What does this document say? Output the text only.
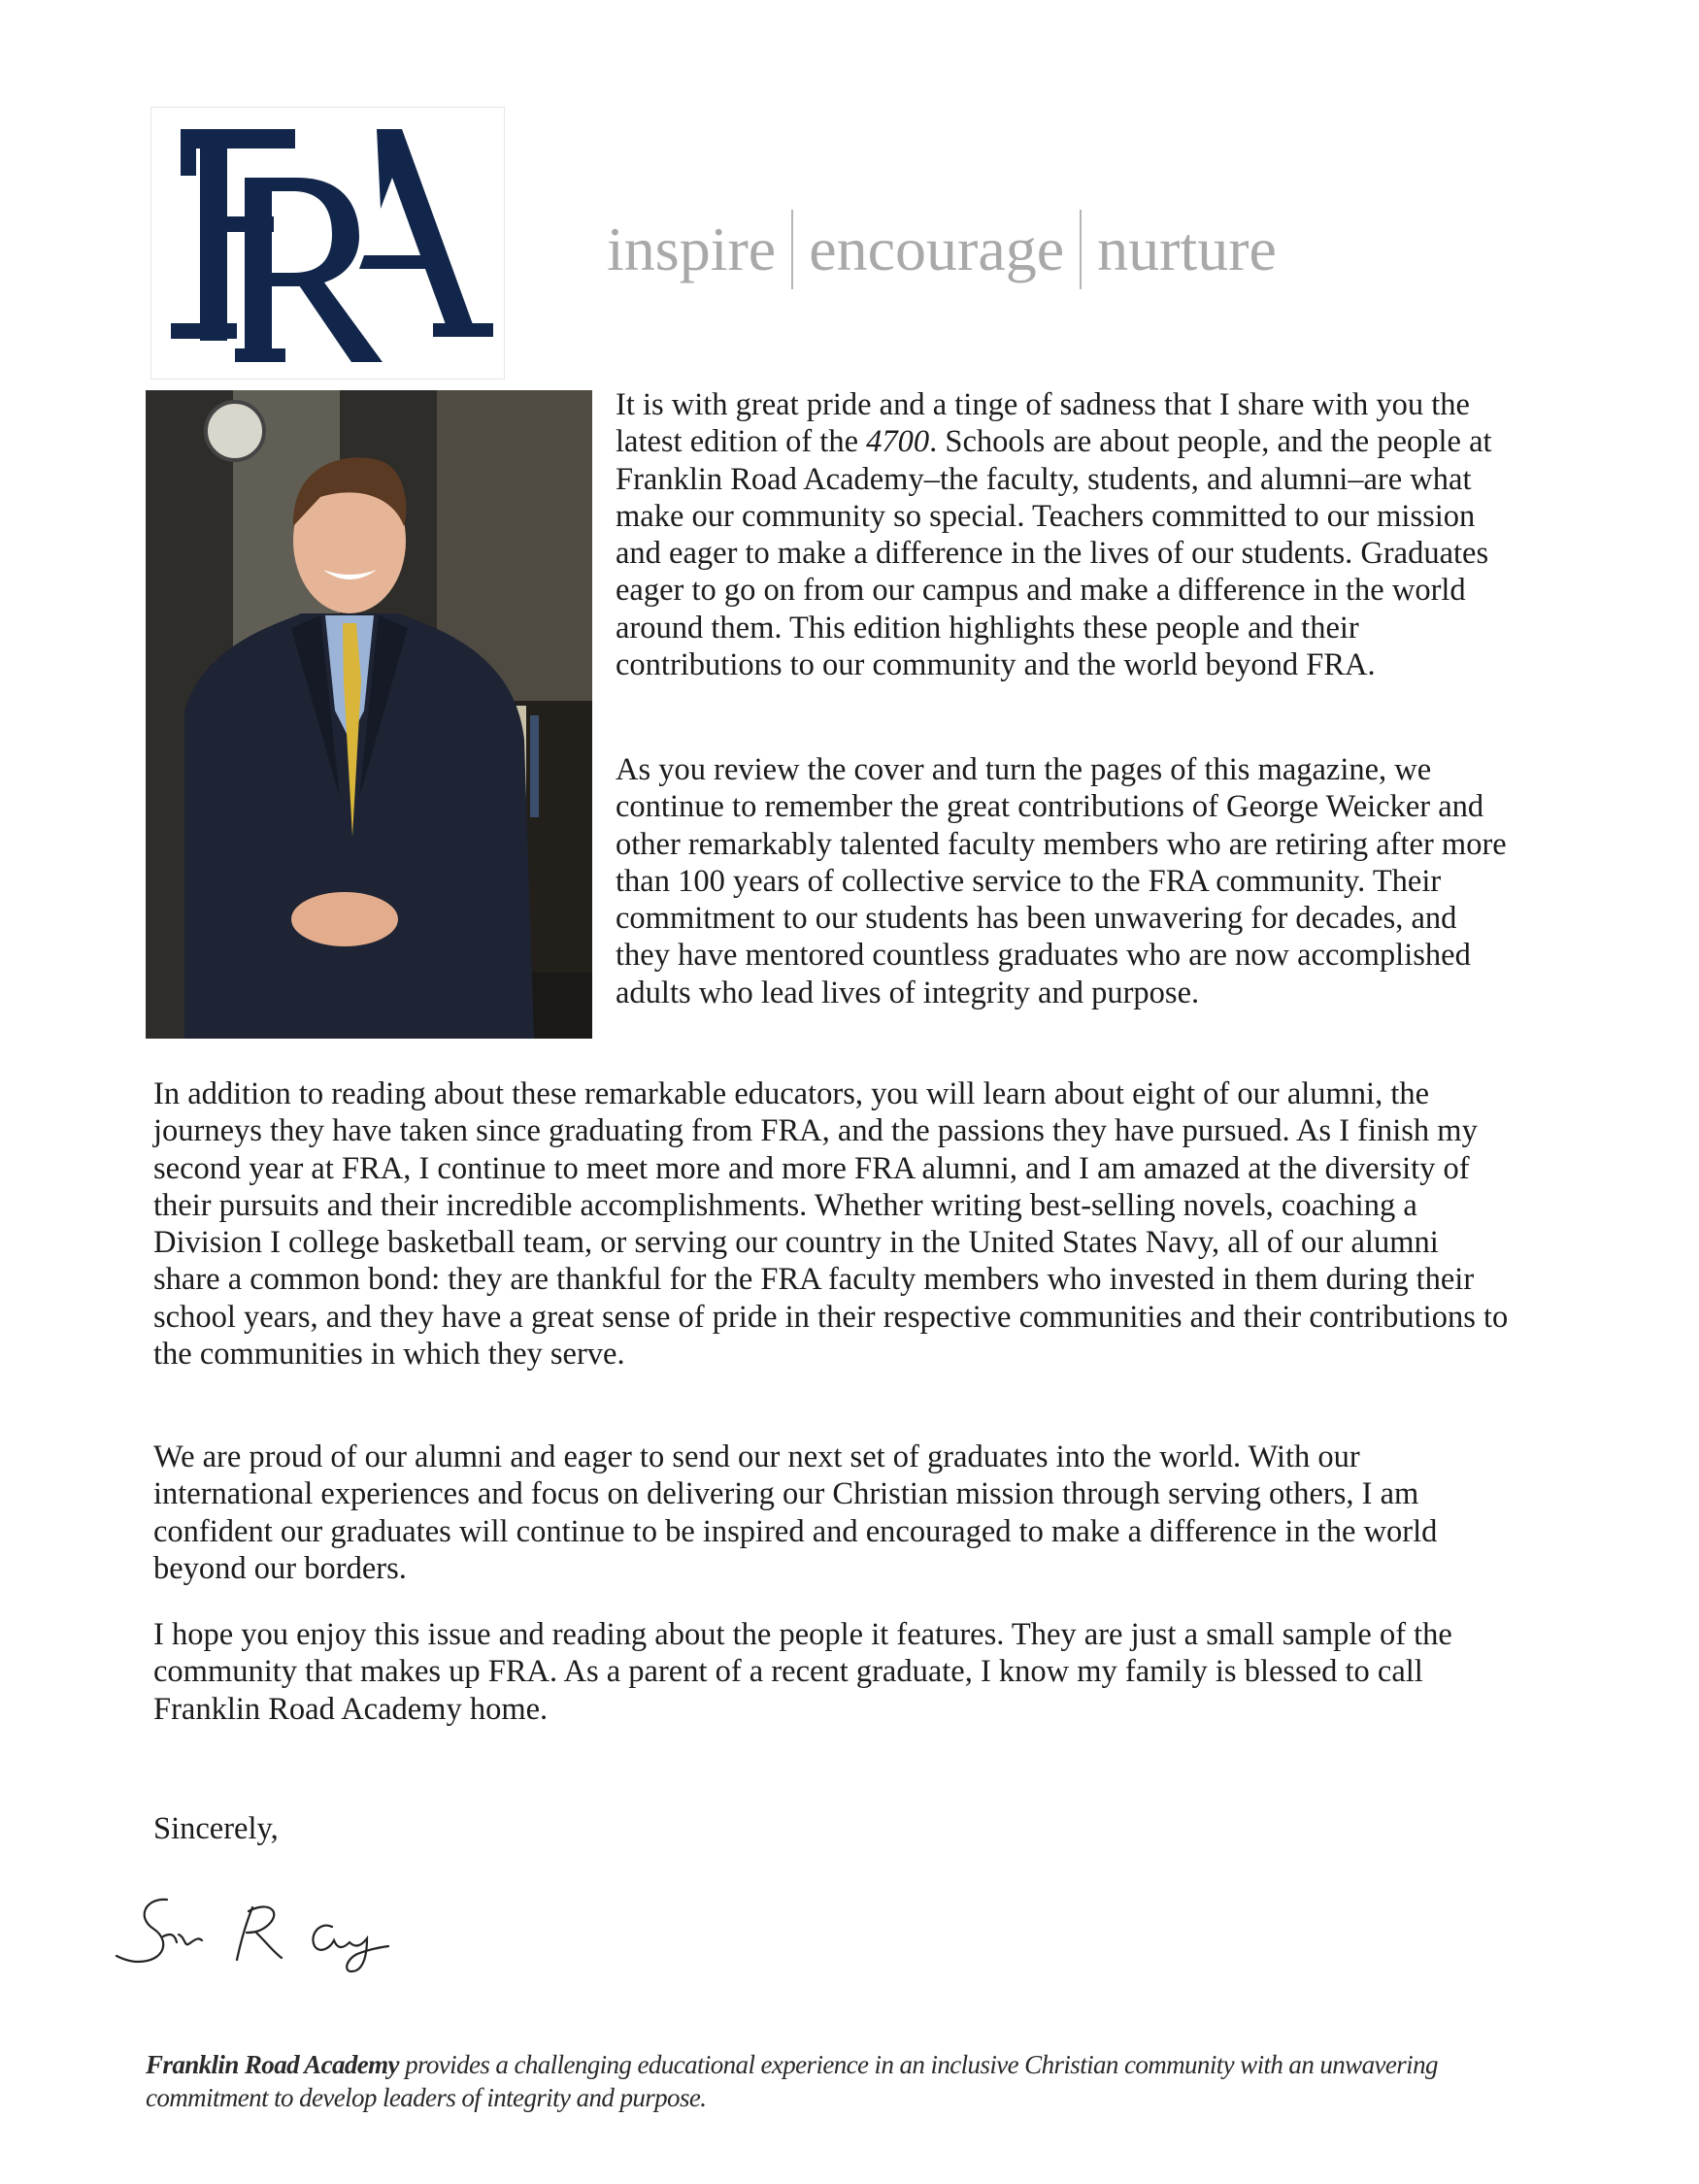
inspire encourage nurture

It is with great pride and a tinge of sadness that I share with you the latest edition of the 4700. Schools are about people, and the people at Franklin Road Academy–the faculty, students, and alumni–are what make our community so special. Teachers committed to our mission and eager to make a difference in the lives of our students. Graduates eager to go on from our campus and make a difference in the world around them. This edition highlights these people and their contributions to our community and the world beyond FRA.

As you review the cover and turn the pages of this magazine, we continue to remember the great contributions of George Weicker and other remarkably talented faculty members who are retiring after more than 100 years of collective service to the FRA community. Their commitment to our students has been unwavering for decades, and they have mentored countless graduates who are now accomplished adults who lead lives of integrity and purpose.

In addition to reading about these remarkable educators, you will learn about eight of our alumni, the journeys they have taken since graduating from FRA, and the passions they have pursued. As I finish my second year at FRA, I continue to meet more and more FRA alumni, and I am amazed at the diversity of their pursuits and their incredible accomplishments. Whether writing best-selling novels, coaching a Division I college basketball team, or serving our country in the United States Navy, all of our alumni share a common bond: they are thankful for the FRA faculty members who invested in them during their school years, and they have a great sense of pride in their respective communities and their contributions to the communities in which they serve.

We are proud of our alumni and eager to send our next set of graduates into the world. With our international experiences and focus on delivering our Christian mission through serving others, I am confident our graduates will continue to be inspired and encouraged to make a difference in the world beyond our borders.

I hope you enjoy this issue and reading about the people it features. They are just a small sample of the community that makes up FRA. As a parent of a recent graduate, I know my family is blessed to call Franklin Road Academy home.

Sincerely,
Franklin Road Academy provides a challenging educational experience in an inclusive Christian community with an unwavering commitment to develop leaders of integrity and purpose.
